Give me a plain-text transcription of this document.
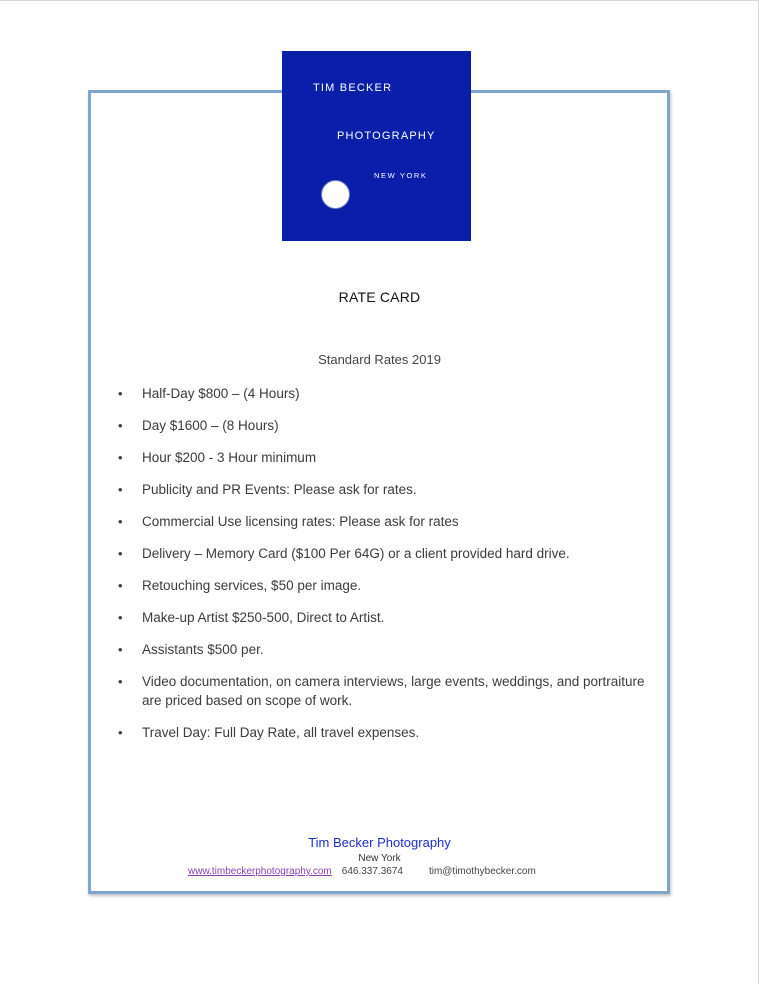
TIM BECKER
PHOTOGRAPHY
NEW YORK
RATE CARD
Standard Rates 2019
• Half-Day $800 – (4 Hours)
• Day $1600 – (8 Hours)
• Hour $200 - 3 Hour minimum
• Publicity and PR Events: Please ask for rates.
• Commercial Use licensing rates: Please ask for rates
• Delivery – Memory Card ($100 Per 64G) or a client provided hard drive.
• Retouching services, $50 per image.
• Make-up Artist $250-500, Direct to Artist.
• Assistants $500 per.
• Video documentation, on camera interviews, large events, weddings, and portraiture are priced based on scope of work.
• Travel Day: Full Day Rate, all travel expenses.
Tim Becker Photography
New York
www.timbeckerphotography.com 646.337.3674	tim@timothybecker.com
